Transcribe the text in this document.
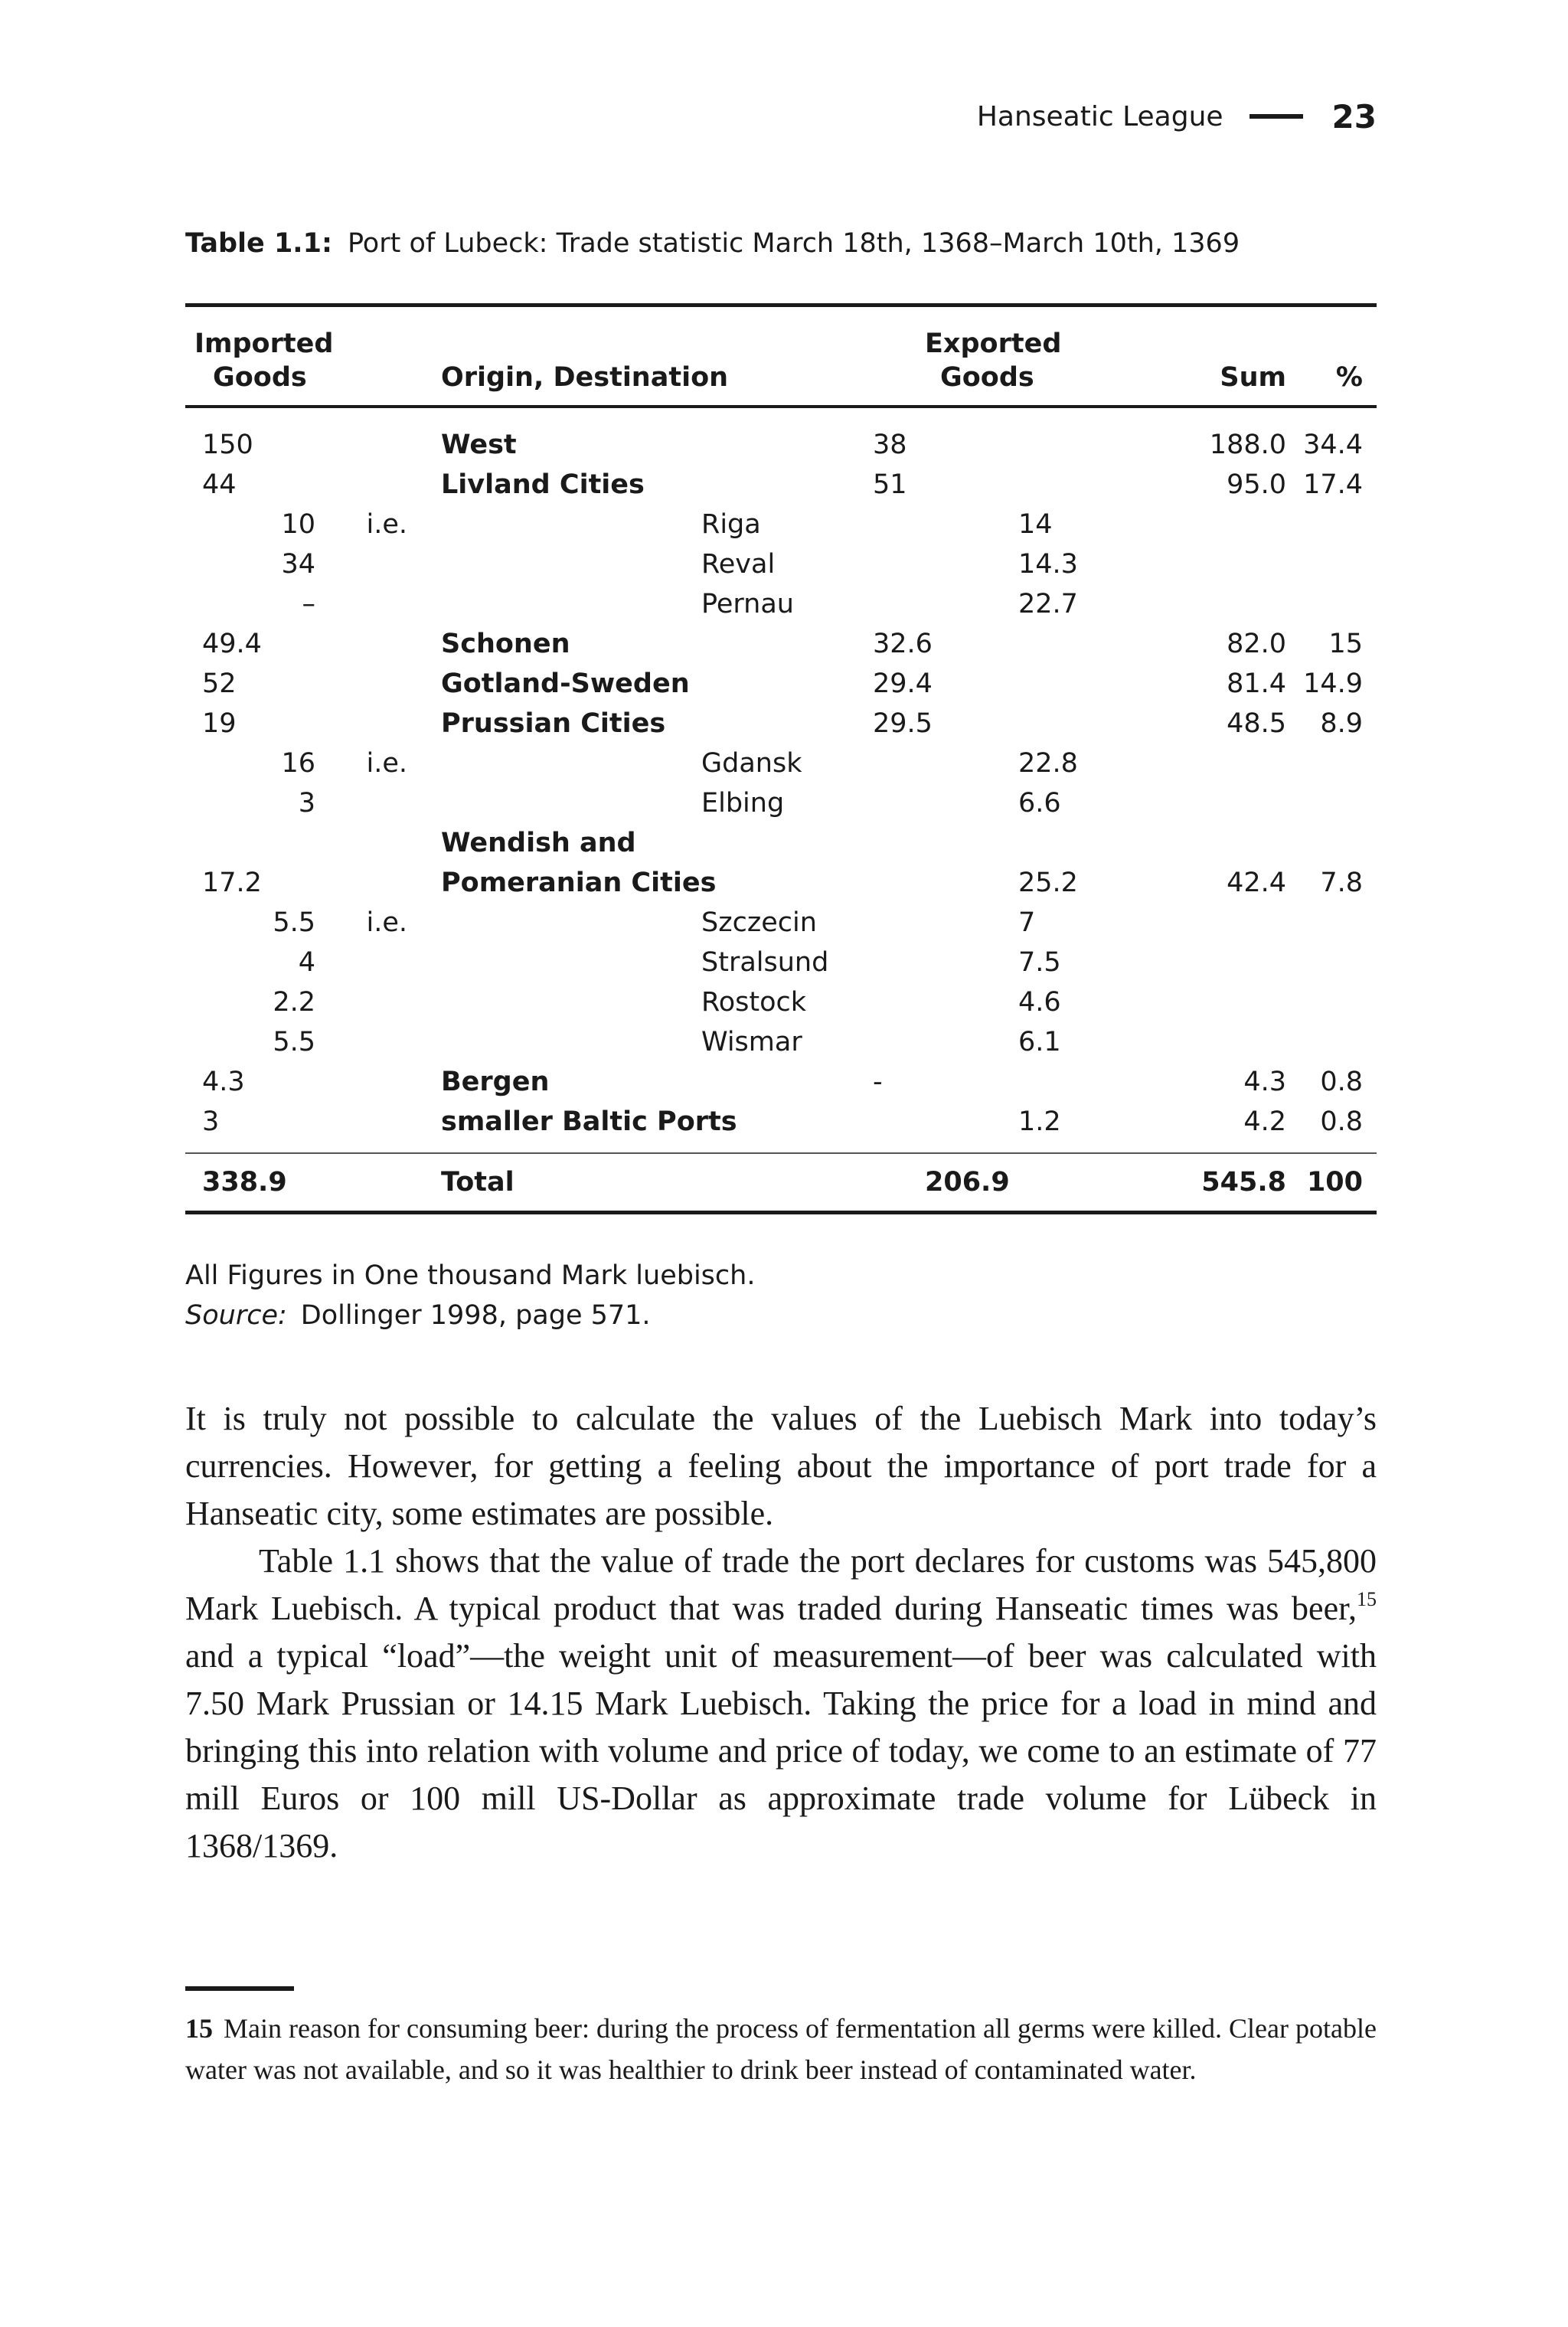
Hanseatic League	23
Table 1.1: Port of Lubeck: Trade statistic March 18th, 1368–March 10th, 1369
Imported					Exported			
Goods			Origin, Destination		Goods		Sum	%
150			West		38		188.0	34.4
44			Livland Cities		51		95.0	17.4
	10	i.e.		Riga		14		
	34			Reval		14.3		
	–			Pernau		22.7		
49.4			Schonen		32.6		82.0	15
52			Gotland-Sweden		29.4		81.4	14.9
19			Prussian Cities		29.5		48.5	8.9
	16	i.e.		Gdansk		22.8		
	3			Elbing		6.6		
			Wendish and					
17.2			Pomeranian Cities			25.2	42.4	7.8
	5.5	i.e.		Szczecin		7		
	4			Stralsund		7.5		
	2.2			Rostock		4.6		
	5.5			Wismar		6.1		
4.3			Bergen		-		4.3	0.8
3			smaller Baltic Ports			1.2	4.2	0.8
338.9			Total		206.9		545.8	100
All Figures in One thousand Mark luebisch.
Source: Dollinger 1998, page 571.

It is truly not possible to calculate the values of the Luebisch Mark into today’s currencies. However, for getting a feeling about the importance of port trade for a Hanseatic city, some estimates are possible.

Table 1.1 shows that the value of trade the port declares for customs was 545,800 Mark Luebisch. A typical product that was traded during Hanseatic times was beer,$^{15}$ and a typical “load”—the weight unit of measurement—of beer was calculated with 7.50 Mark Prussian or 14.15 Mark Luebisch. Taking the price for a load in mind and bringing this into relation with volume and price of today, we come to an estimate of 77 mill Euros or 100 mill US-Dollar as approximate trade volume for Lübeck in 1368/1369.

15 Main reason for consuming beer: during the process of fermentation all germs were killed. Clear potable water was not available, and so it was healthier to drink beer instead of contaminated water.
